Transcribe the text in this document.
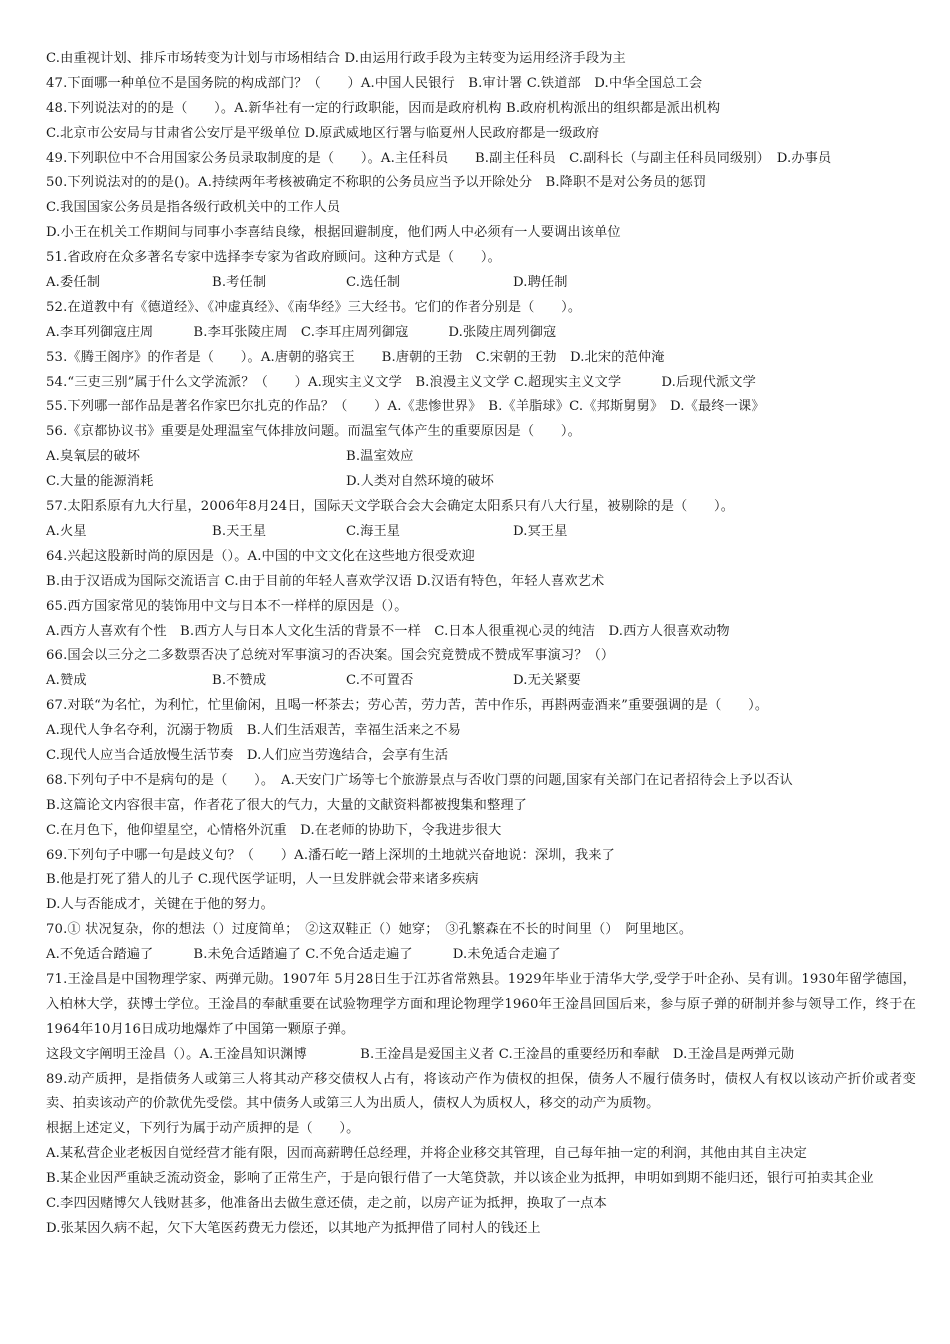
C.由重视计划、排斥市场转变为计划与市场相结合 D.由运用行政手段为主转变为运用经济手段为主
47.下面哪一种单位不是国务院的构成部门？（　　）A.中国人民银行　B.审计署 C.铁道部　D.中华全国总工会
48.下列说法对的的是（　　）。A.新华社有一定的行政职能，因而是政府机构 B.政府机构派出的组织都是派出机构
C.北京市公安局与甘肃省公安厅是平级单位 D.原武威地区行署与临夏州人民政府都是一级政府
49.下列职位中不合用国家公务员录取制度的是（　　）。A.主任科员　　B.副主任科员　C.副科长（与副主任科员同级别）　D.办事员
50.下列说法对的的是()。A.持续两年考核被确定不称职的公务员应当予以开除处分　B.降职不是对公务员的惩罚
C.我国国家公务员是指各级行政机关中的工作人员
D.小王在机关工作期间与同事小李喜结良缘，根据回避制度，他们两人中必须有一人要调出该单位
51.省政府在众多著名专家中选择李专家为省政府顾问。这种方式是（　　）。
A.委任制	B.考任制	C.选任制	D.聘任制
52.在道教中有《德道经》、《冲虚真经》、《南华经》三大经书。它们的作者分别是（　　）。
A.李耳列御寇庄周　　　B.李耳张陵庄周　C.李耳庄周列御寇　　　D.张陵庄周列御寇
53.《腾王阁序》的作者是（　　）。A.唐朝的骆宾王　　B.唐朝的王勃　C.宋朝的王勃　D.北宋的范仲淹
54.“三吏三别”属于什么文学流派？（　　）A.现实主义文学　B.浪漫主义文学 C.超现实主义文学　　　D.后现代派文学
55.下列哪一部作品是著名作家巴尔扎克的作品？（　　）A.《悲惨世界》　B.《羊脂球》C.《邦斯舅舅》　D.《最终一课》
56.《京都协议书》重要是处理温室气体排放问题。而温室气体产生的重要原因是（　　）。
A.臭氧层的破坏	B.温室效应
C.大量的能源消耗	D.人类对自然环境的破坏
57.太阳系原有九大行星，2006年8月24日，国际天文学联合会大会确定太阳系只有八大行星，被剔除的是（　　）。
A.火星	B.天王星	C.海王星	D.冥王星
64.兴起这股新时尚的原因是（）。A.中国的中文文化在这些地方很受欢迎
B.由于汉语成为国际交流语言 C.由于目前的年轻人喜欢学汉语 D.汉语有特色，年轻人喜欢艺术
65.西方国家常见的装饰用中文与日本不一样样的原因是（）。
A.西方人喜欢有个性　B.西方人与日本人文化生活的背景不一样　C.日本人很重视心灵的纯洁　D.西方人很喜欢动物
66.国会以三分之二多数票否决了总统对军事演习的否决案。国会究竟赞成不赞成军事演习？（）
A.赞成	B.不赞成	C.不可置否	D.无关紧要
67.对联“为名忙，为利忙，忙里偷闲，且喝一杯茶去；劳心苦，劳力苦，苦中作乐，再斟两壶酒来”重要强调的是（　　）。
A.现代人争名夺利，沉溺于物质　B.人们生活艰苦，幸福生活来之不易
C.现代人应当合适放慢生活节奏　D.人们应当劳逸结合，会享有生活
68.下列句子中不是病句的是（　　）。　A.天安门广场等七个旅游景点与否收门票的问题,国家有关部门在记者招待会上予以否认
B.这篇论文内容很丰富，作者花了很大的气力，大量的文献资料都被搜集和整理了
C.在月色下，他仰望星空，心情格外沉重　D.在老师的协助下，令我进步很大
69.下列句子中哪一句是歧义句？（　　）A.潘石屹一踏上深圳的土地就兴奋地说：深圳，我来了
B.他是打死了猎人的儿子 C.现代医学证明，人一旦发胖就会带来诸多疾病
D.人与否能成才，关键在于他的努力。
70.① 状况复杂，你的想法（）过度简单；　②这双鞋正（）她穿；　③孔繁森在不长的时间里（）　阿里地区。
A.不免适合踏遍了　　　B.未免合适踏遍了 C.不免合适走遍了　　　D.未免适合走遍了
71.王淦昌是中国物理学家、两弹元勋。1907年 5月28日生于江苏省常熟县。1929年毕业于清华大学,受学于叶企孙、吴有训。1930年留学德国，入柏林大学，获博士学位。王淦昌的奉献重要在试验物理学方面和理论物理学1960年王淦昌回国后来，参与原子弹的研制并参与领导工作，终于在1964年10月16日成功地爆炸了中国第一颗原子弹。
这段文字阐明王淦昌（）。A.王淦昌知识渊博　　　　B.王淦昌是爱国主义者 C.王淦昌的重要经历和奉献　D.王淦昌是两弹元勋
89.动产质押，是指债务人或第三人将其动产移交债权人占有，将该动产作为债权的担保，债务人不履行债务时，债权人有权以该动产折价或者变卖、拍卖该动产的价款优先受偿。其中债务人或第三人为出质人，债权人为质权人，移交的动产为质物。
根据上述定义，下列行为属于动产质押的是（　　）。
A.某私营企业老板因自觉经营才能有限，因而高薪聘任总经理，并将企业移交其管理，自己每年抽一定的利润，其他由其自主决定
B.某企业因严重缺乏流动资金，影响了正常生产，于是向银行借了一大笔贷款，并以该企业为抵押，申明如到期不能归还，银行可拍卖其企业
C.李四因赌博欠人钱财甚多，他准备出去做生意还债，走之前，以房产证为抵押，换取了一点本
D.张某因久病不起，欠下大笔医药费无力偿还，以其地产为抵押借了同村人的钱还上
